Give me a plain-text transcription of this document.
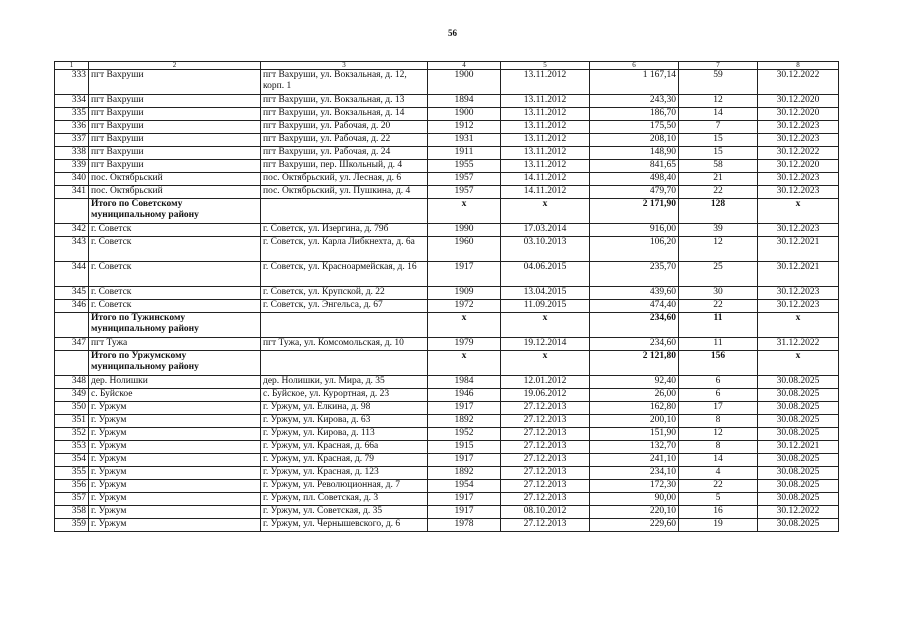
56
1	2	3	4	5	6	7	8
333	пгт Вахруши	пгт Вахруши, ул. Вокзальная, д. 12, корп. 1	1900	13.11.2012	1 167,14	59	30.12.2022
334	пгт Вахруши	пгт Вахруши, ул. Вокзальная, д. 13	1894	13.11.2012	243,30	12	30.12.2020
335	пгт Вахруши	пгт Вахруши, ул. Вокзальная, д. 14	1900	13.11.2012	186,70	14	30.12.2020
336	пгт Вахруши	пгт Вахруши, ул. Рабочая, д. 20	1912	13.11.2012	175,50	7	30.12.2023
337	пгт Вахруши	пгт Вахруши, ул. Рабочая, д. 22	1931	13.11.2012	208,10	15	30.12.2023
338	пгт Вахруши	пгт Вахруши, ул. Рабочая, д. 24	1911	13.11.2012	148,90	15	30.12.2022
339	пгт Вахруши	пгт Вахруши, пер. Школьный, д. 4	1955	13.11.2012	841,65	58	30.12.2020
340	пос. Октябрьский	пос. Октябрьский, ул. Лесная, д. 6	1957	14.11.2012	498,40	21	30.12.2023
341	пос. Октябрьский	пос. Октябрьский, ул. Пушкина, д. 4	1957	14.11.2012	479,70	22	30.12.2023
	Итого по Советскому муниципальному району		x	x	2 171,90	128	x
342	г. Советск	г. Советск, ул. Изергина, д. 79б	1990	17.03.2014	916,00	39	30.12.2023
343	г. Советск	г. Советск, ул. Карла Либкнехта, д. 6а	1960	03.10.2013	106,20	12	30.12.2021
344	г. Советск	г. Советск, ул. Красноармейская, д. 16	1917	04.06.2015	235,70	25	30.12.2021
345	г. Советск	г. Советск, ул. Крупской, д. 22	1909	13.04.2015	439,60	30	30.12.2023
346	г. Советск	г. Советск, ул. Энгельса, д. 67	1972	11.09.2015	474,40	22	30.12.2023
	Итого по Тужинскому муниципальному району		x	x	234,60	11	x
347	пгт Тужа	пгт Тужа, ул. Комсомольская, д. 10	1979	19.12.2014	234,60	11	31.12.2022
	Итого по Уржумскому муниципальному району		x	x	2 121,80	156	x
348	дер. Нолишки	дер. Нолишки, ул. Мира, д. 35	1984	12.01.2012	92,40	6	30.08.2025
349	с. Буйское	с. Буйское, ул. Курортная, д. 23	1946	19.06.2012	26,00	6	30.08.2025
350	г. Уржум	г. Уржум, ул. Елкина, д. 98	1917	27.12.2013	162,80	17	30.08.2025
351	г. Уржум	г. Уржум, ул. Кирова, д. 63	1892	27.12.2013	200,10	8	30.08.2025
352	г. Уржум	г. Уржум, ул. Кирова, д. 113	1952	27.12.2013	151,90	12	30.08.2025
353	г. Уржум	г. Уржум, ул. Красная, д. 66а	1915	27.12.2013	132,70	8	30.12.2021
354	г. Уржум	г. Уржум, ул. Красная, д. 79	1917	27.12.2013	241,10	14	30.08.2025
355	г. Уржум	г. Уржум, ул. Красная, д. 123	1892	27.12.2013	234,10	4	30.08.2025
356	г. Уржум	г. Уржум, ул. Революционная, д. 7	1954	27.12.2013	172,30	22	30.08.2025
357	г. Уржум	г. Уржум, пл. Советская, д. 3	1917	27.12.2013	90,00	5	30.08.2025
358	г. Уржум	г. Уржум, ул. Советская, д. 35	1917	08.10.2012	220,10	16	30.12.2022
359	г. Уржум	г. Уржум, ул. Чернышевского, д. 6	1978	27.12.2013	229,60	19	30.08.2025
